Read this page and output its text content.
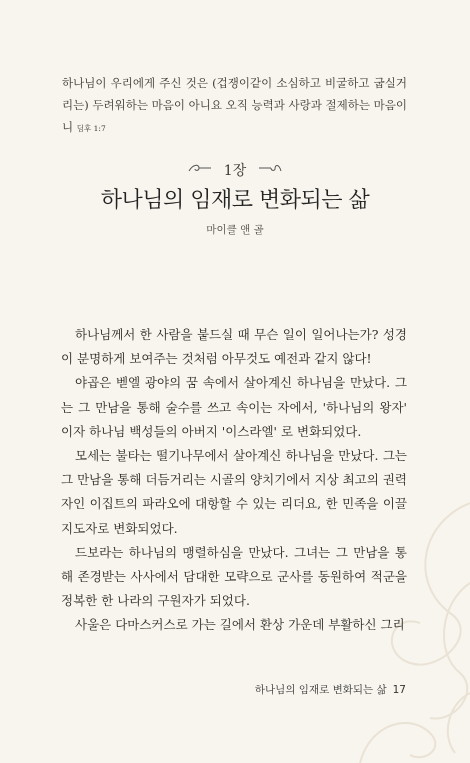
하나님이 우리에게 주신 것은 (겁쟁이같이 소심하고 비굴하고 굽실거리는) 두려워하는 마음이 아니요 오직 능력과 사랑과 절제하는 마음이니 딤후 1:7
1장
하나님의 임재로 변화되는 삶
마이클 앤 골

하나님께서 한 사람을 붙드실 때 무슨 일이 일어나는가? 성경이 분명하게 보여주는 것처럼 아무것도 예전과 같지 않다!

야곱은 벧엘 광야의 꿈 속에서 살아계신 하나님을 만났다. 그는 그 만남을 통해 술수를 쓰고 속이는 자에서, '하나님의 왕자' 이자 하나님 백성들의 아버지 '이스라엘' 로 변화되었다.

모세는 불타는 떨기나무에서 살아계신 하나님을 만났다. 그는 그 만남을 통해 더듬거리는 시골의 양치기에서 지상 최고의 권력자인 이집트의 파라오에 대항할 수 있는 리더요, 한 민족을 이끌 지도자로 변화되었다.

드보라는 하나님의 맹렬하심을 만났다. 그녀는 그 만남을 통해 존경받는 사사에서 담대한 모략으로 군사를 동원하여 적군을 정복한 한 나라의 구원자가 되었다.

사울은 다마스커스로 가는 길에서 환상 가운데 부활하신 그리

하나님의 임재로 변화되는 삶 17
